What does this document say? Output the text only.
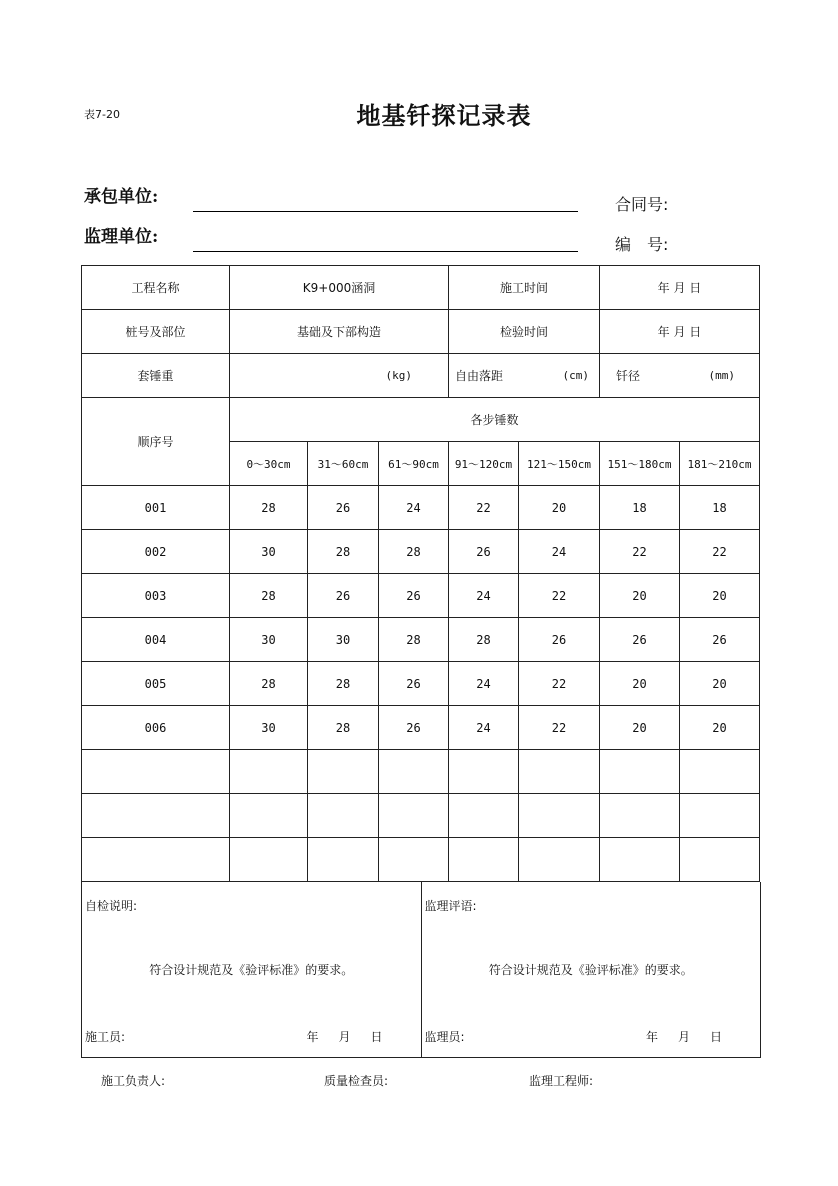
表7-20	地基钎探记录表
承包单位:
监理单位:
合同号:
编　号:
工程名称	K9+000涵洞			施工时间		年 月 日	
桩号及部位	基础及下部构造			检验时间		年 月 日	
套锤重	(kg)			自由落距 (cm)		钎径 (mm)	

顺序号	各步锤数						
	0～30cm	31～60cm	61～90cm	91～120cm	121～150cm	151～180cm	181～210cm
001	28	26	24	22	20	18	18
002	30	28	28	26	24	22	22
003	28	26	26	24	22	20	20
004	30	30	28	28	26	26	26
005	28	28	26	24	22	20	20
006	30	28	26	24	22	20	20

自检说明:
符合设计规范及《验评标准》的要求。
施工员:	年 月 日
监理评语:
符合设计规范及《验评标准》的要求。
监理员:	年 月 日
施工负责人:	质量检查员:	监理工程师:
